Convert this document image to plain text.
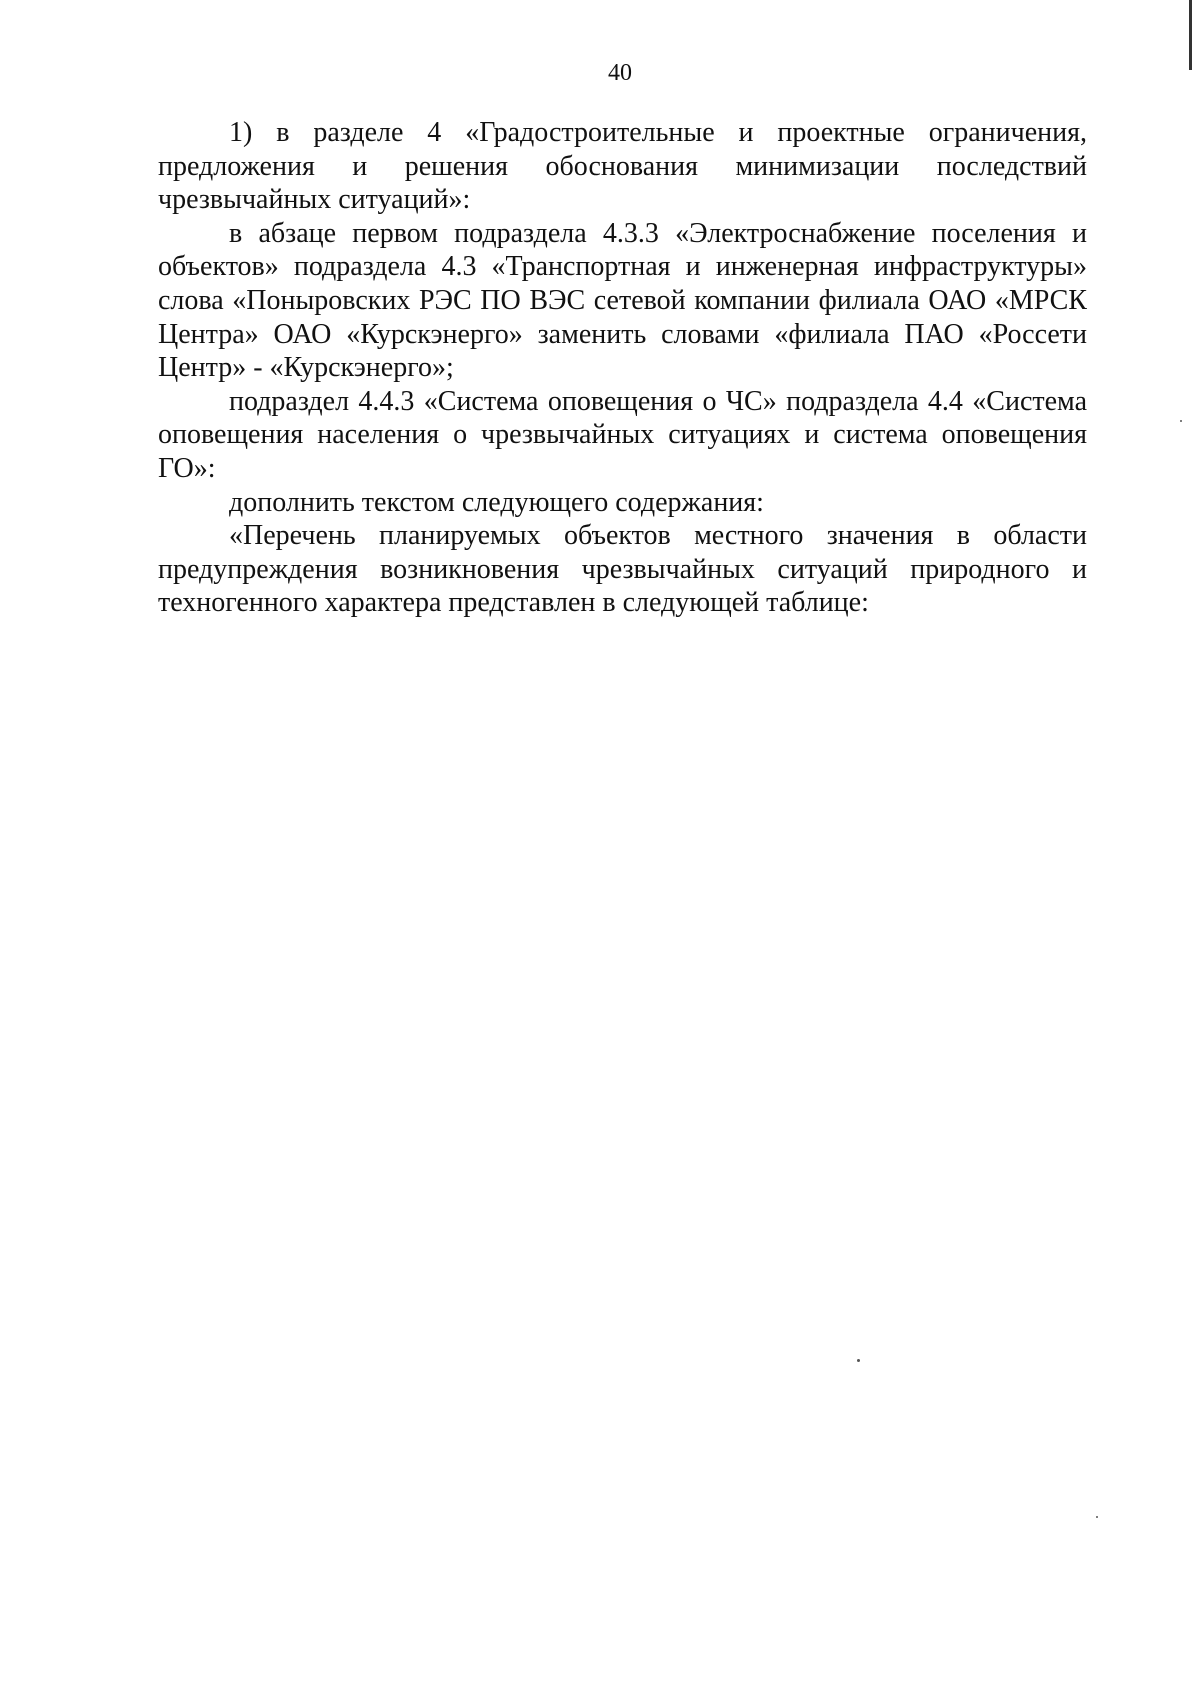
40

1) в разделе 4 «Градостроительные и проектные ограничения, предложения и решения обоснования минимизации последствий чрезвычайных ситуаций»:

в абзаце первом подраздела 4.3.3 «Электроснабжение поселения и объектов» подраздела 4.3 «Транспортная и инженерная инфраструктуры» слова «Поныровских РЭС ПО ВЭС сетевой компании филиала ОАО «МРСК Центра» ОАО «Курскэнерго» заменить словами «филиала ПАО «Россети Центр» - «Курскэнерго»;

подраздел 4.4.3 «Система оповещения о ЧС» подраздела 4.4 «Система оповещения населения о чрезвычайных ситуациях и система оповещения ГО»:

дополнить текстом следующего содержания:

«Перечень планируемых объектов местного значения в области предупреждения возникновения чрезвычайных ситуаций природного и техногенного характера представлен в следующей таблице:
